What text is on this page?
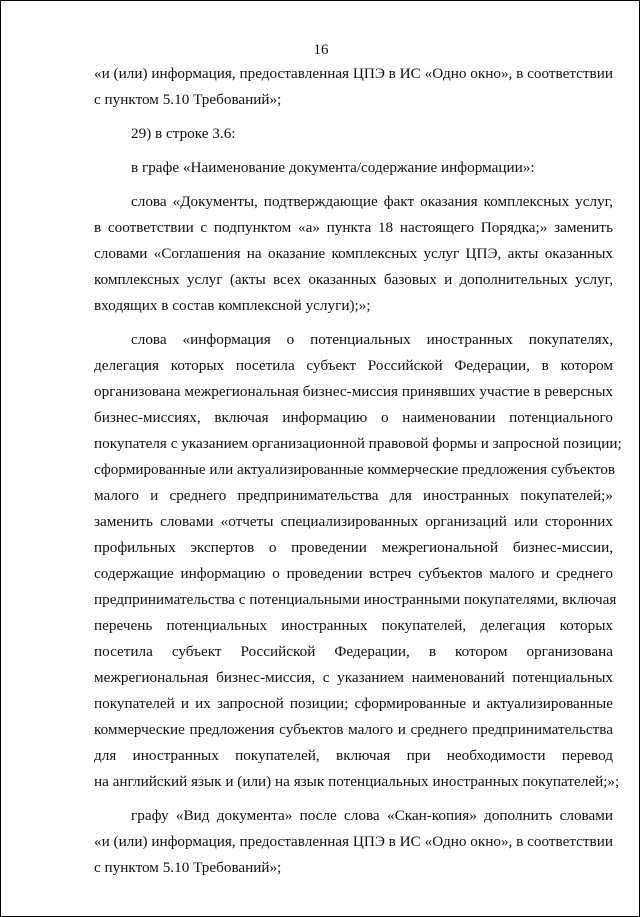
16
«и (или) информация, предоставленная ЦПЭ в ИС «Одно окно», в соответствии
с пунктом 5.10 Требований»;
29) в строке 3.6:
в графе «Наименование документа/содержание информации»:
слова «Документы, подтверждающие факт оказания комплексных услуг,
в соответствии с подпунктом «а» пункта 18 настоящего Порядка;» заменить
словами «Соглашения на оказание комплексных услуг ЦПЭ, акты оказанных
комплексных услуг (акты всех оказанных базовых и дополнительных услуг,
входящих в состав комплексной услуги);»;
слова «информация о потенциальных иностранных покупателях,
делегация которых посетила субъект Российской Федерации, в котором
организована межрегиональная бизнес-миссия принявших участие в реверсных
бизнес-миссиях, включая информацию о наименовании потенциального
покупателя с указанием организационной правовой формы и запросной позиции;
сформированные или актуализированные коммерческие предложения субъектов
малого и среднего предпринимательства для иностранных покупателей;»
заменить словами «отчеты специализированных организаций или сторонних
профильных экспертов о проведении межрегиональной бизнес-миссии,
содержащие информацию о проведении встреч субъектов малого и среднего
предпринимательства с потенциальными иностранными покупателями, включая
перечень потенциальных иностранных покупателей, делегация которых
посетила субъект Российской Федерации, в котором организована
межрегиональная бизнес-миссия, с указанием наименований потенциальных
покупателей и их запросной позиции; сформированные и актуализированные
коммерческие предложения субъектов малого и среднего предпринимательства
для иностранных покупателей, включая при необходимости перевод
на английский язык и (или) на язык потенциальных иностранных покупателей;»;
графу «Вид документа» после слова «Скан-копия» дополнить словами
«и (или) информация, предоставленная ЦПЭ в ИС «Одно окно», в соответствии
с пунктом 5.10 Требований»;
